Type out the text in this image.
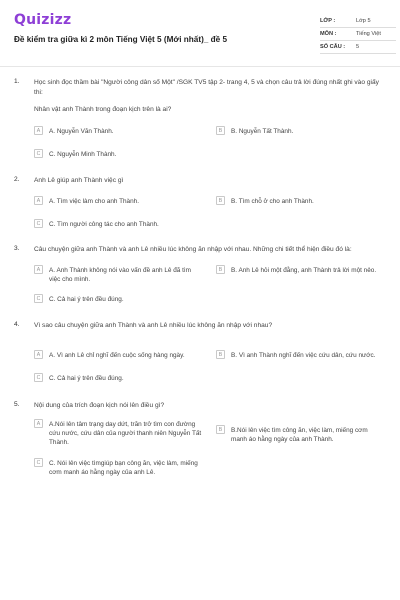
Quizizz
Đề kiểm tra giữa kì 2 môn Tiếng Việt 5 (Mới nhất)_ đề 5
LỚP :	Lớp 5
MÔN :	Tiếng Việt
SỐ CÂU :	5
1. Học sinh đọc thầm bài "Người công dân số Một" /SGK TV5 tập 2- trang 4, 5 và chọn câu trả lời đúng nhất ghi vào giấy thi:
Nhân vật anh Thành trong đoạn kịch trên là ai?
A	A. Nguyễn Văn Thành.	B	B. Nguyễn Tất Thành.
C	C. Nguyễn Minh Thành.
2. Anh Lê giúp anh Thành việc gì
A	A. Tìm việc làm cho anh Thành.	B	B. Tìm chỗ ở cho anh Thành.
C	C. Tìm người công tác cho anh Thành.
3. Câu chuyện giữa anh Thành và anh Lê nhiều lúc không ăn nhập với nhau. Những chi tiết thể hiện điều đó là:
A	A. Anh Thành không nói vào vấn đề anh Lê đã tìm việc cho mình.
B	B. Anh Lê hỏi một đằng, anh Thành trả lời một nẻo.
C	C. Cả hai ý trên đều đúng.
4. Vì sao câu chuyện giữa anh Thành và anh Lê nhiều lúc không ăn nhập với nhau?
A	A. Vì anh Lê chỉ nghĩ đến cuộc sống hàng ngày.	B	B. Vì anh Thành nghĩ đến việc cứu dân, cứu nước.
C	C. Cả hai ý trên đều đúng.
5. Nội dung của trích đoạn kịch nói lên điều gì?
A	A.Nói lên tâm trạng day dứt, trăn trở tìm con đường cứu nước, cứu dân của người thanh niên Nguyễn Tất Thành.
B	B.Nói lên việc tìm công ăn, việc làm, miếng cơm manh áo hằng ngày của anh Thành.
C	C. Nói lên việc tìmgiúp bạn công ăn, việc làm, miếng cơm manh áo hằng ngày của anh Lê.
